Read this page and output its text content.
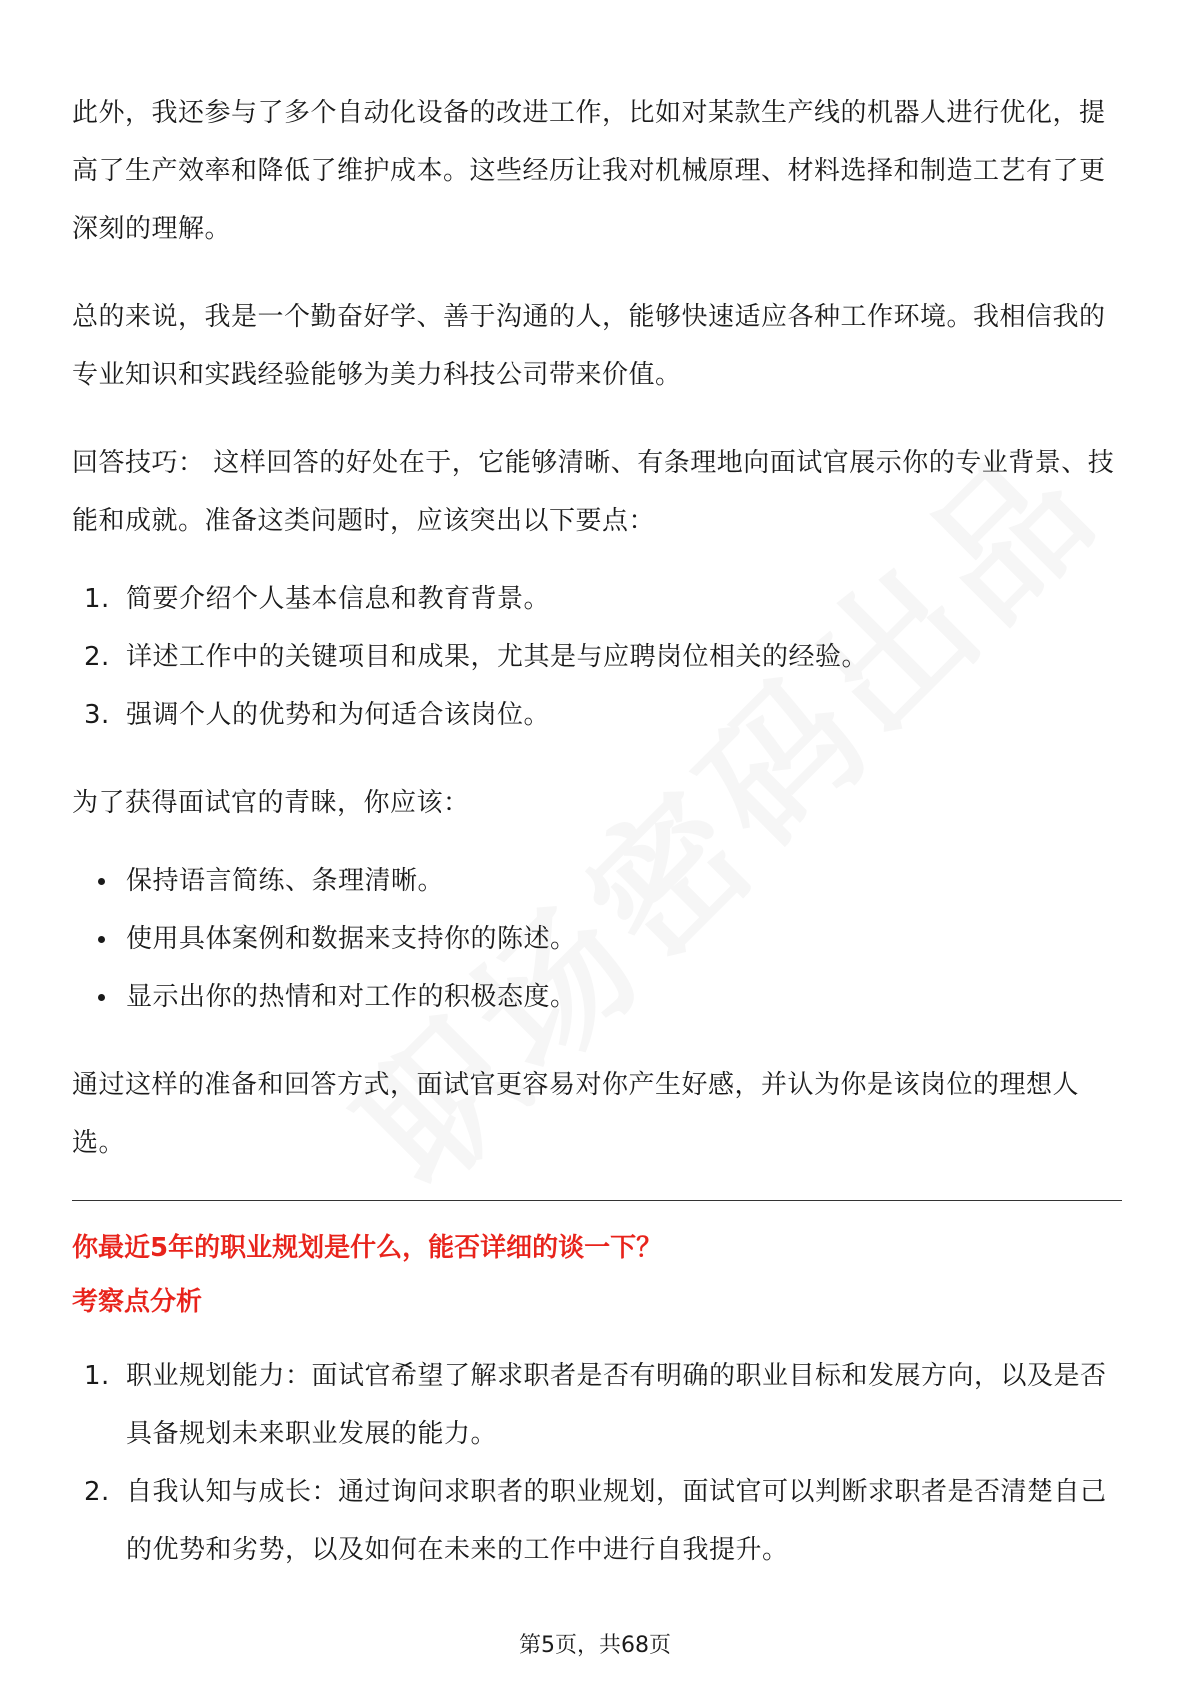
此外，我还参与了多个自动化设备的改进工作，比如对某款生产线的机器人进行优化，提高了生产效率和降低了维护成本。这些经历让我对机械原理、材料选择和制造工艺有了更深刻的理解。

总的来说，我是一个勤奋好学、善于沟通的人，能够快速适应各种工作环境。我相信我的专业知识和实践经验能够为美力科技公司带来价值。

回答技巧： 这样回答的好处在于，它能够清晰、有条理地向面试官展示你的专业背景、技能和成就。准备这类问题时，应该突出以下要点：

1. 简要介绍个人基本信息和教育背景。
2. 详述工作中的关键项目和成果，尤其是与应聘岗位相关的经验。
3. 强调个人的优势和为何适合该岗位。

为了获得面试官的青睐，你应该：

保持语言简练、条理清晰。
使用具体案例和数据来支持你的陈述。
显示出你的热情和对工作的积极态度。

通过这样的准备和回答方式，面试官更容易对你产生好感，并认为你是该岗位的理想人选。

你最近5年的职业规划是什么，能否详细的谈一下？
考察点分析
1. 职业规划能力：面试官希望了解求职者是否有明确的职业目标和发展方向，以及是否具备规划未来职业发展的能力。
2. 自我认知与成长：通过询问求职者的职业规划，面试官可以判断求职者是否清楚自己的优势和劣势，以及如何在未来的工作中进行自我提升。
第5页，共68页
